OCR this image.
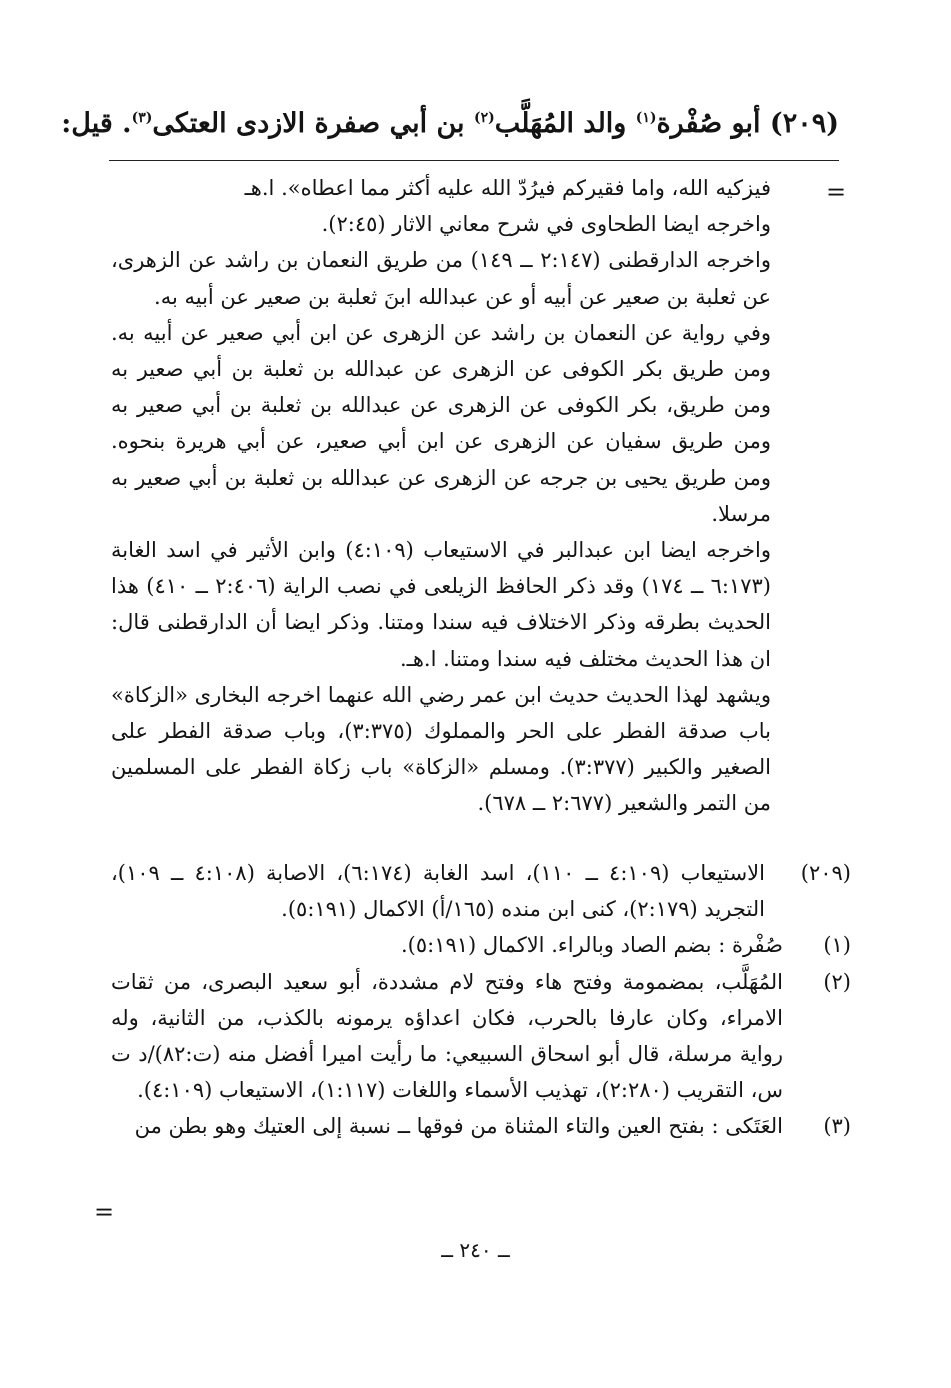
(٢٠٩) أبو صُفْرة$^{(١)}$ والد المُهَلَّب$^{(٢)}$ بن أبي صفرة الازدى العتكى$^{(٣)}$. قيل:
=

فيزكيه الله، واما فقيركم فيرُدّ الله عليه أكثر مما اعطاه». ا.هـ

واخرجه ايضا الطحاوى في شرح معاني الاثار (٢:٤٥).

واخرجه الدارقطنى (٢:١٤٧ ــ ١٤٩) من طريق النعمان بن راشد عن الزهرى، عن ثعلبة بن صعير عن أبيه أو عن عبدالله ابنَ ثعلبة بن صعير عن أبيه به.

وفي رواية عن النعمان بن راشد عن الزهرى عن ابن أبي صعير عن أبيه به. ومن طريق بكر الكوفى عن الزهرى عن عبدالله بن ثعلبة بن أبي صعير به ومن طريق، بكر الكوفى عن الزهرى عن عبدالله بن ثعلبة بن أبي صعير به ومن طريق سفيان عن الزهرى عن ابن أبي صعير، عن أبي هريرة بنحوه. ومن طريق يحيى بن جرجه عن الزهرى عن عبدالله بن ثعلبة بن أبي صعير به مرسلا.

واخرجه ايضا ابن عبدالبر في الاستيعاب (٤:١٠٩) وابن الأثير في اسد الغابة (٦:١٧٣ ــ ١٧٤) وقد ذكر الحافظ الزيلعى في نصب الراية (٢:٤٠٦ ــ ٤١٠) هذا الحديث بطرقه وذكر الاختلاف فيه سندا ومتنا. وذكر ايضا أن الدارقطنى قال: ان هذا الحديث مختلف فيه سندا ومتنا. ا.هـ.

ويشهد لهذا الحديث حديث ابن عمر رضي الله عنهما اخرجه البخارى «الزكاة» باب صدقة الفطر على الحر والمملوك (٣:٣٧٥)، وباب صدقة الفطر على الصغير والكبير (٣:٣٧٧). ومسلم «الزكاة» باب زكاة الفطر على المسلمين من التمر والشعير (٢:٦٧٧ ــ ٦٧٨).

(٢٠٩)
الاستيعاب (٤:١٠٩ ــ ١١٠)، اسد الغابة (٦:١٧٤)، الاصابة (٤:١٠٨ ــ ١٠٩)، التجريد (٢:١٧٩)، كنى ابن منده (١٦٥/أ) الاكمال (٥:١٩١).
(١)
صُفْرة : بضم الصاد وبالراء. الاكمال (٥:١٩١).
(٢)
المُهَلَّب، بمضمومة وفتح هاء وفتح لام مشددة، أبو سعيد البصرى، من ثقات الامراء، وكان عارفا بالحرب، فكان اعداؤه يرمونه بالكذب، من الثانية، وله رواية مرسلة، قال أبو اسحاق السبيعي: ما رأيت اميرا أفضل منه (ت:٨٢)/د ت س، التقريب (٢:٢٨٠)، تهذيب الأسماء واللغات (١:١١٧)، الاستيعاب (٤:١٠٩).
(٣)
العَتَكى : بفتح العين والتاء المثناة من فوقها ــ نسبة إلى العتيك وهو بطن من
=
ــ ٢٤٠ ــ
